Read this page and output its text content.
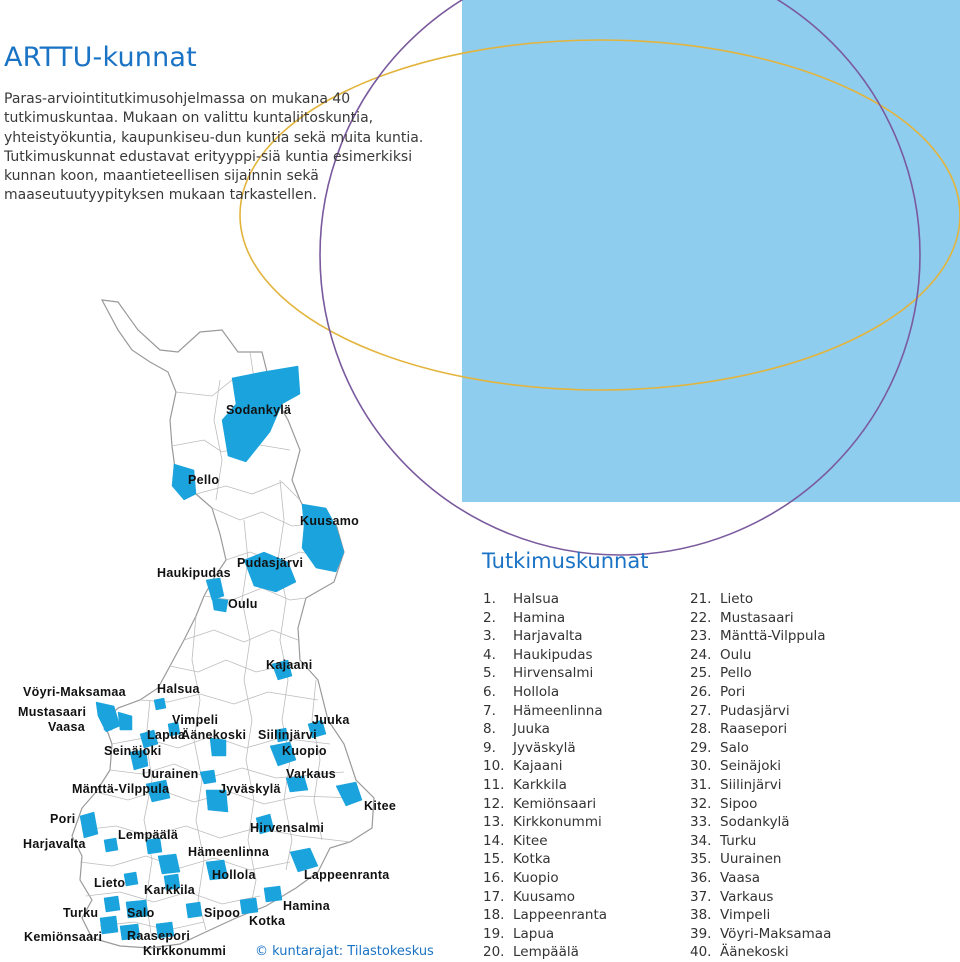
ARTTU-kunnat
Paras-arviointitutkimusohjelmassa on mukana 40 tutkimuskuntaa. Mukaan on valittu kuntaliitoskuntia, yhteistyökuntia, kaupunkiseu-dun kuntia sekä muita kuntia. Tutkimuskunnat edustavat erityyppi-siä kuntia esimerkiksi kunnan koon, maantieteellisen sijainnin sekä maaseutuutyypityksen mukaan tarkastellen.
Sodankylä
Pello
Kuusamo
Pudasjärvi
Haukipudas
Oulu
Kajaani
Vöyri-Maksamaa Halsua
Mustasaari
Vimpeli	Juuka
Vaasa
Lapua
Äänekoski Siilinjärvi
Seinäjoki	Kuopio
Uurainen	Varkaus
Mänttä-Vilppula	Jyväskylä
Kitee
Pori
Hirvensalmi
Lempäälä
Harjavalta
Hämeenlinna
Hollola	Lappeenranta
Lieto Karkkila
Hamina
Turku Salo	Sipoo
Kotka
Kemiönsaari Raasepori
Kirkkonummi © kuntarajat: Tilastokeskus
Tutkimuskunnat
1. Halsua
2. Hamina
3. Harjavalta
4. Haukipudas
5. Hirvensalmi
6. Hollola
7. Hämeenlinna
8. Juuka
9. Jyväskylä
10. Kajaani
11. Karkkila
12. Kemiönsaari
13. Kirkkonummi
14. Kitee
15. Kotka
16. Kuopio
17. Kuusamo
18. Lappeenranta
19. Lapua
20. Lempäälä
21. Lieto
22. Mustasaari
23. Mänttä-Vilppula
24. Oulu
25. Pello
26. Pori
27. Pudasjärvi
28. Raasepori
29. Salo
30. Seinäjoki
31. Siilinjärvi
32. Sipoo
33. Sodankylä
34. Turku
35. Uurainen
36. Vaasa
37. Varkaus
38. Vimpeli
39. Vöyri-Maksamaa
40. Äänekoski
